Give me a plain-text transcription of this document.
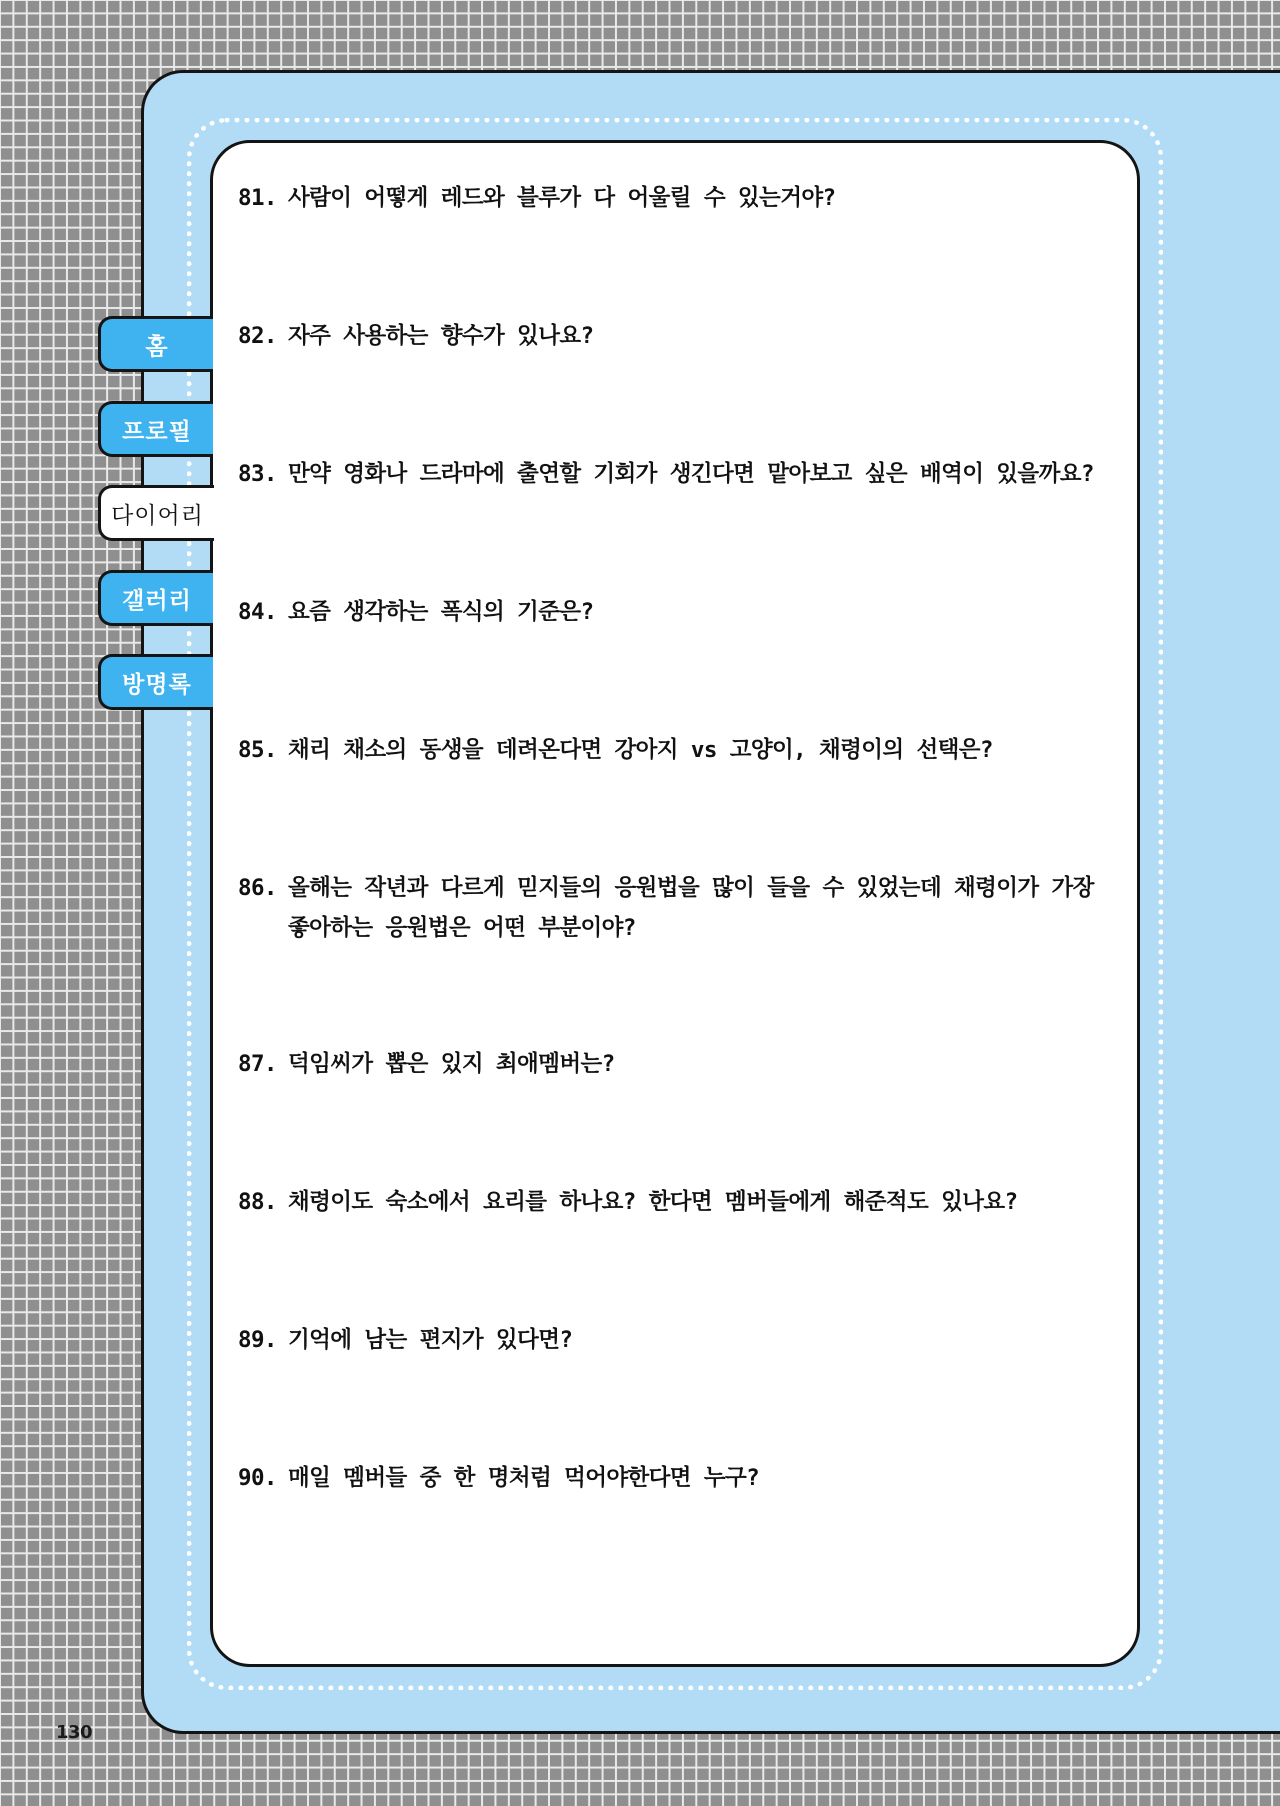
홈
프로필
다이어리
갤러리
방명록
81. 사람이 어떻게 레드와 블루가 다 어울릴 수 있는거야?
82. 자주 사용하는 향수가 있나요?
83. 만약 영화나 드라마에 출연할 기회가 생긴다면 맡아보고 싶은 배역이 있을까요?
84. 요즘 생각하는 폭식의 기준은?
85. 채리 채소의 동생을 데려온다면 강아지 vs 고양이, 채령이의 선택은?
86. 올해는 작년과 다르게 믿지들의 응원법을 많이 들을 수 있었는데 채령이가 가장 좋아하는 응원법은 어떤 부분이야?
87. 덕임씨가 뽑은 있지 최애멤버는?
88. 채령이도 숙소에서 요리를 하나요? 한다면 멤버들에게 해준적도 있나요?
89. 기억에 남는 편지가 있다면?
90. 매일 멤버들 중 한 명처럼 먹어야한다면 누구?
130
